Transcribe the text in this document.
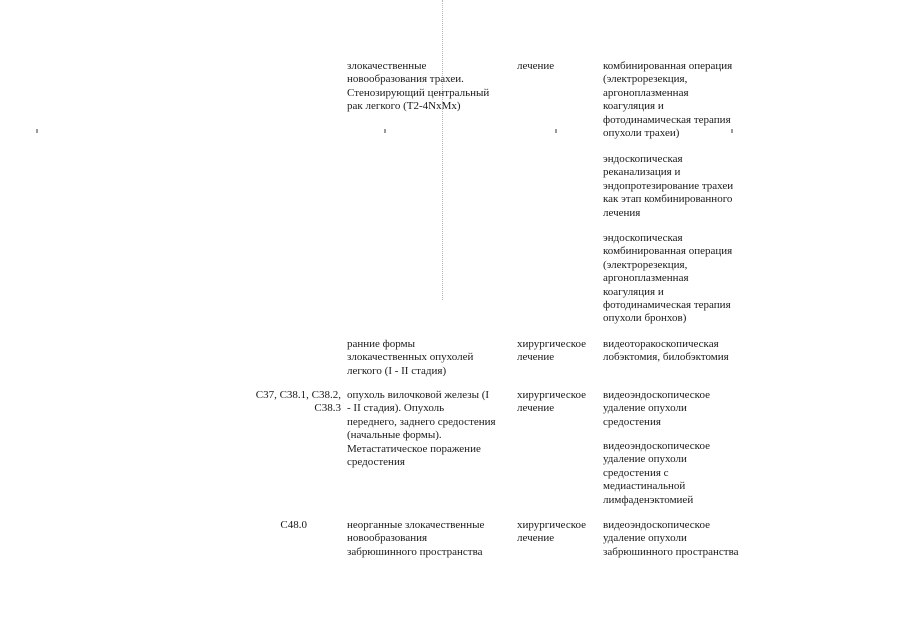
злокачественные
новообразования трахеи.
Стенозирующий центральный
рак легкого (Т2-4NxMx)
лечение	комбинированная операция
(электрорезекция,
аргоноплазменная
коагуляция и
фотодинамическая терапия
опухоли трахеи)
эндоскопическая
реканализация и
эндопротезирование трахеи
как этап комбинированного
лечения
эндоскопическая
комбинированная операция
(электрорезекция,
аргоноплазменная
коагуляция и
фотодинамическая терапия
опухоли бронхов)
ранние формы
злокачественных опухолей
легкого (I - II стадия)
хирургическое
лечение
видеоторакоскопическая
лобэктомия, билобэктомия
C37, C38.1, C38.2,
C38.3
опухоль вилочковой железы (I
- II стадия). Опухоль
переднего, заднего средостения
(начальные формы).
Метастатическое поражение
средостения
хирургическое
лечение
видеоэндоскопическое
удаление опухоли
средостения
видеоэндоскопическое
удаление опухоли
средостения с
медиастинальной
лимфаденэктомией
C48.0	неорганные злокачественные
новообразования
забрюшинного пространства
хирургическое
лечение
видеоэндоскопическое
удаление опухоли
забрюшинного пространства
